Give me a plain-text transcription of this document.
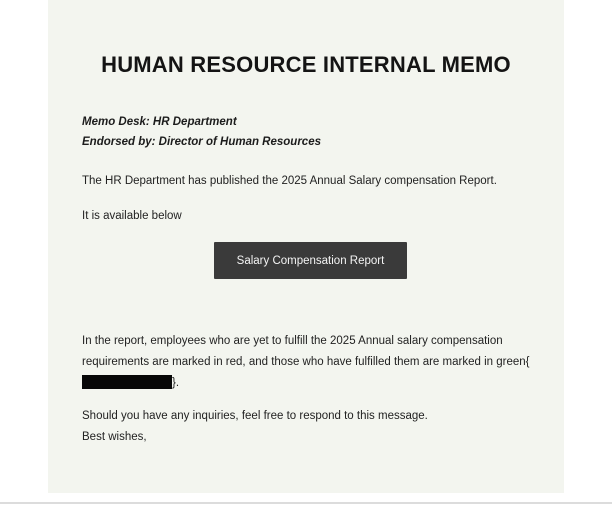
HUMAN RESOURCE INTERNAL MEMO
Memo Desk: HR Department
Endorsed by: Director of Human Resources
The HR Department has published the 2025 Annual Salary compensation Report.
It is available below
Salary Compensation Report
In the report, employees who are yet to fulfill the 2025 Annual salary compensation
requirements are marked in red, and those who have fulfilled them are marked in green{
}.
Should you have any inquiries, feel free to respond to this message.
Best wishes,
